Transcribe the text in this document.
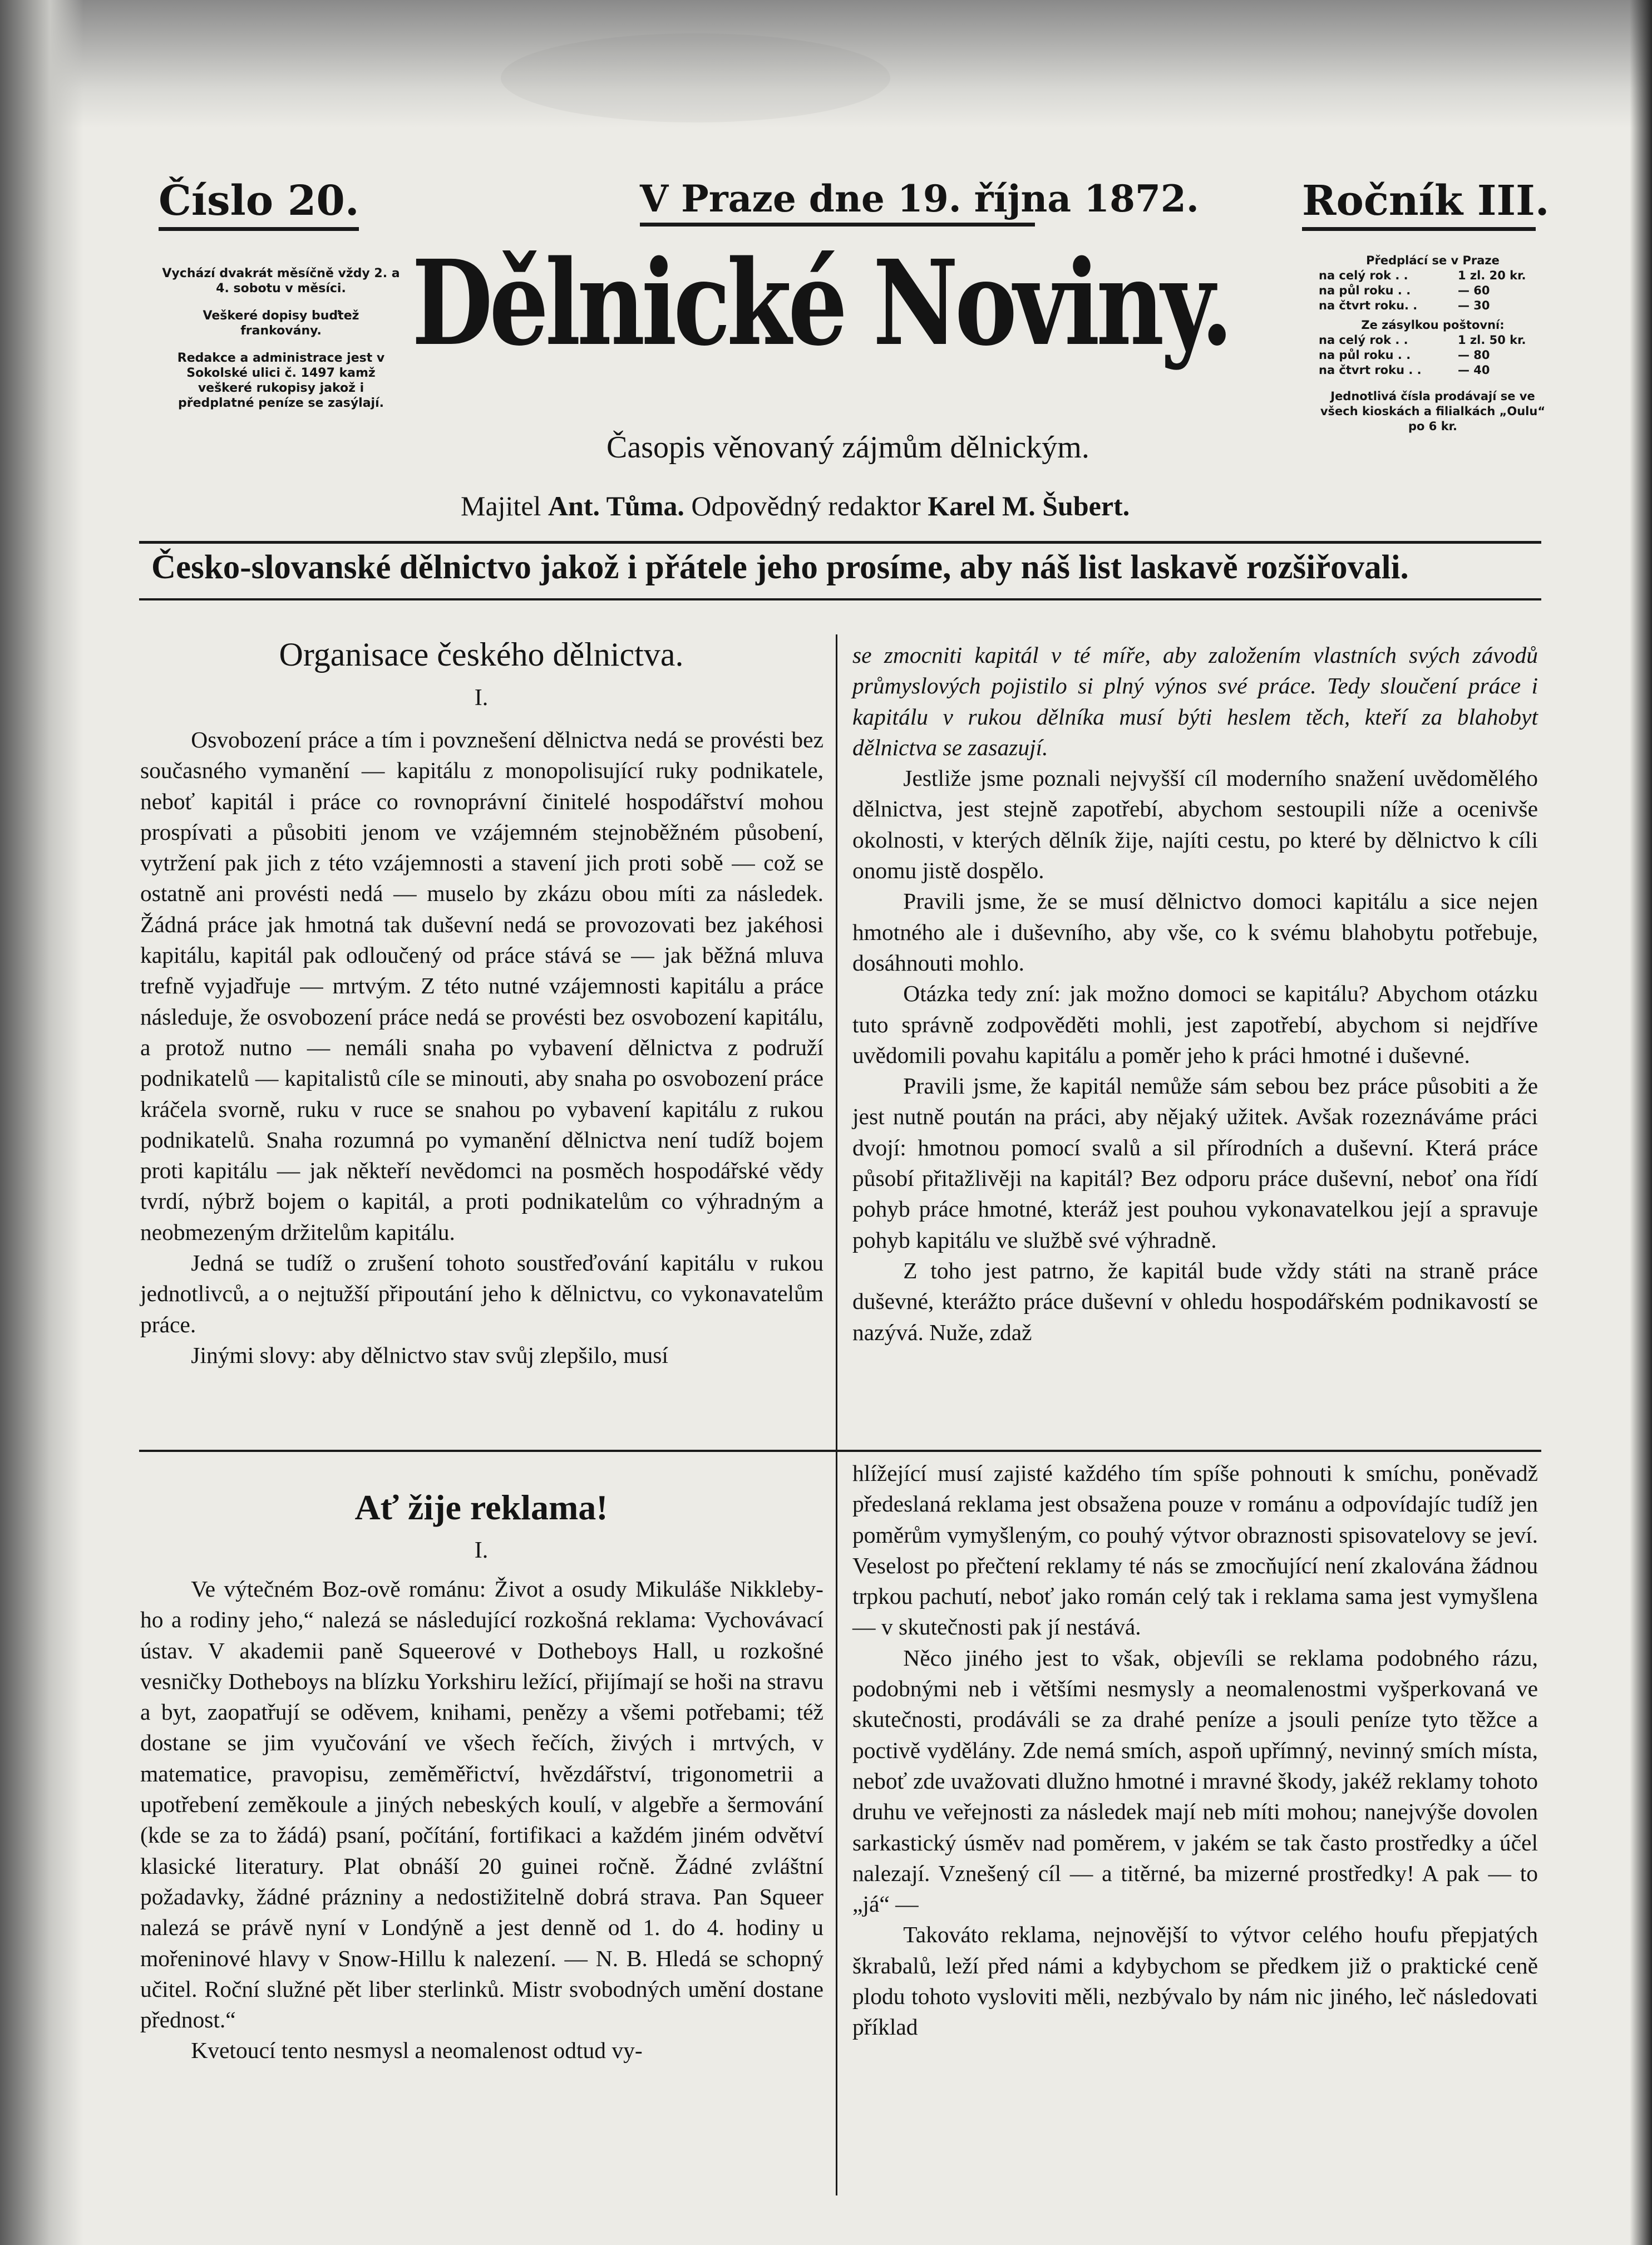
Číslo 20.	V Praze dne 19. října 1872.	Ročník III.

Vychází dvakrát měsíčně vždy 2. a 4. sobotu v měsíci.

Veškeré dopisy buďtež frankovány.

Redakce a administrace jest v Sokolské ulici č. 1497 kamž veškeré rukopisy jakož i předplatné peníze se zasýlají.

Dělnické Noviny.
Časopis věnovaný zájmům dělnickým.
Majitel Ant. Tůma. Odpovědný redaktor Karel M. Šubert.
Předplácí se v Praze
na celý rok . .	1 zl. 20 kr.
na půl roku . .	— 60
na čtvrt roku. .	— 30
Ze zásylkou poštovní:
na celý rok . .	1 zl. 50 kr.
na půl roku . .	— 80
na čtvrt roku . .	— 40
Jednotlivá čísla prodávají se ve všech kioskách a filialkách „Oulu“ po 6 kr.
Česko-slovanské dělnictvo jakož i přátele jeho prosíme, aby náš list laskavě rozšiřovali.
Organisace českého dělnictva.
I.

Osvobození práce a tím i povznešení dělnictva nedá se provésti bez současného vymanění — kapitálu z monopolisující ruky podnikatele, neboť kapitál i práce co rovnoprávní činitelé hospodářství mohou prospívati a působiti jenom ve vzájemném stejnoběžném působení, vytržení pak jich z této vzájemnosti a stavení jich proti sobě — což se ostatně ani provésti nedá — muselo by zkázu obou míti za následek. Žádná práce jak hmotná tak duševní nedá se provozovati bez jakéhosi kapitálu, kapitál pak odloučený od práce stává se — jak běžná mluva trefně vyjadřuje — mrtvým. Z této nutné vzájemnosti kapitálu a práce následuje, že osvobození práce nedá se provésti bez osvobození kapitálu, a protož nutno — nemáli snaha po vybavení dělnictva z podruží podnikatelů — kapitalistů cíle se minouti, aby snaha po osvobození práce kráčela svorně, ruku v ruce se snahou po vybavení kapitálu z rukou podnikatelů. Snaha rozumná po vymanění dělnictva není tudíž bojem proti kapitálu — jak někteří nevědomci na posměch hospodářské vědy tvrdí, nýbrž bojem o kapitál, a proti podnikatelům co výhradným a neobmezeným držitelům kapitálu.

Jedná se tudíž o zrušení tohoto soustřeďování kapitálu v rukou jednotlivců, a o nejtužší připoutání jeho k dělnictvu, co vykonavatelům práce.

Jinými slovy: aby dělnictvo stav svůj zlepšilo, musí

se zmocniti kapitál v té míře, aby založením vlastních svých závodů průmyslových pojistilo si plný výnos své práce. Tedy sloučení práce i kapitálu v rukou dělníka musí býti heslem těch, kteří za blahobyt dělnictva se zasazují.

Jestliže jsme poznali nejvyšší cíl moderního snažení uvědomělého dělnictva, jest stejně zapotřebí, abychom sestoupili níže a ocenivše okolnosti, v kterých dělník žije, najíti cestu, po které by dělnictvo k cíli onomu jistě dospělo.

Pravili jsme, že se musí dělnictvo domoci kapitálu a sice nejen hmotného ale i duševního, aby vše, co k svému blahobytu potřebuje, dosáhnouti mohlo.

Otázka tedy zní: jak možno domoci se kapitálu? Abychom otázku tuto správně zodpověděti mohli, jest zapotřebí, abychom si nejdříve uvědomili povahu kapitálu a poměr jeho k práci hmotné i duševné.

Pravili jsme, že kapitál nemůže sám sebou bez práce působiti a že jest nutně poután na práci, aby nějaký užitek. Avšak rozeznáváme práci dvojí: hmotnou pomocí svalů a sil přírodních a duševní. Která práce působí přitažlivěji na kapitál? Bez odporu práce duševní, neboť ona řídí pohyb práce hmotné, kteráž jest pouhou vykonavatelkou její a spravuje pohyb kapitálu ve službě své výhradně.

Z toho jest patrno, že kapitál bude vždy státi na straně práce duševné, kterážto práce duševní v ohledu hospodářském podnikavostí se nazývá. Nuže, zdaž

Ať žije reklama!
I.

Ve výtečném Boz-ově románu: Život a osudy Mikuláše Nikkleby-ho a rodiny jeho,“ nalezá se následující rozkošná reklama: Vychovávací ústav. V akademii paně Squeerové v Dotheboys Hall, u rozkošné vesničky Dotheboys na blízku Yorkshiru ležící, přijímají se hoši na stravu a byt, zaopatřují se oděvem, knihami, penězy a všemi potřebami; též dostane se jim vyučování ve všech řečích, živých i mrtvých, v matematice, pravopisu, zeměměřictví, hvězdářství, trigonometrii a upotřebení zeměkoule a jiných nebeských koulí, v algebře a šermování (kde se za to žádá) psaní, počítání, fortifikaci a každém jiném odvětví klasické literatury. Plat obnáší 20 guinei ročně. Žádné zvláštní požadavky, žádné prázniny a nedostižitelně dobrá strava. Pan Squeer nalezá se právě nyní v Londýně a jest denně od 1. do 4. hodiny u mořeninové hlavy v Snow-Hillu k nalezení. — N. B. Hledá se schopný učitel. Roční služné pět liber sterlinků. Mistr svobodných umění dostane přednost.“

Kvetoucí tento nesmysl a neomalenost odtud vy-

hlížející musí zajisté každého tím spíše pohnouti k smíchu, poněvadž předeslaná reklama jest obsažena pouze v románu a odpovídajíc tudíž jen poměrům vymyšleným, co pouhý výtvor obraznosti spisovatelovy se jeví. Veselost po přečtení reklamy té nás se zmocňující není zkalována žádnou trpkou pachutí, neboť jako román celý tak i reklama sama jest vymyšlena — v skutečnosti pak jí nestává.

Něco jiného jest to však, objevíli se reklama podobného rázu, podobnými neb i většími nesmysly a neomalenostmi vyšperkovaná ve skutečnosti, prodáváli se za drahé peníze a jsouli peníze tyto těžce a poctivě vydělány. Zde nemá smích, aspoň upřímný, nevinný smích místa, neboť zde uvažovati dlužno hmotné i mravné škody, jakéž reklamy tohoto druhu ve veřejnosti za následek mají neb míti mohou; nanejvýše dovolen sarkastický úsměv nad poměrem, v jakém se tak často prostředky a účel nalezají. Vznešený cíl — a titěrné, ba mizerné prostředky! A pak — to „já“ —

Takováto reklama, nejnovější to výtvor celého houfu přepjatých škrabalů, leží před námi a kdybychom se předkem již o praktické ceně plodu tohoto vysloviti měli, nezbývalo by nám nic jiného, leč následovati příklad
